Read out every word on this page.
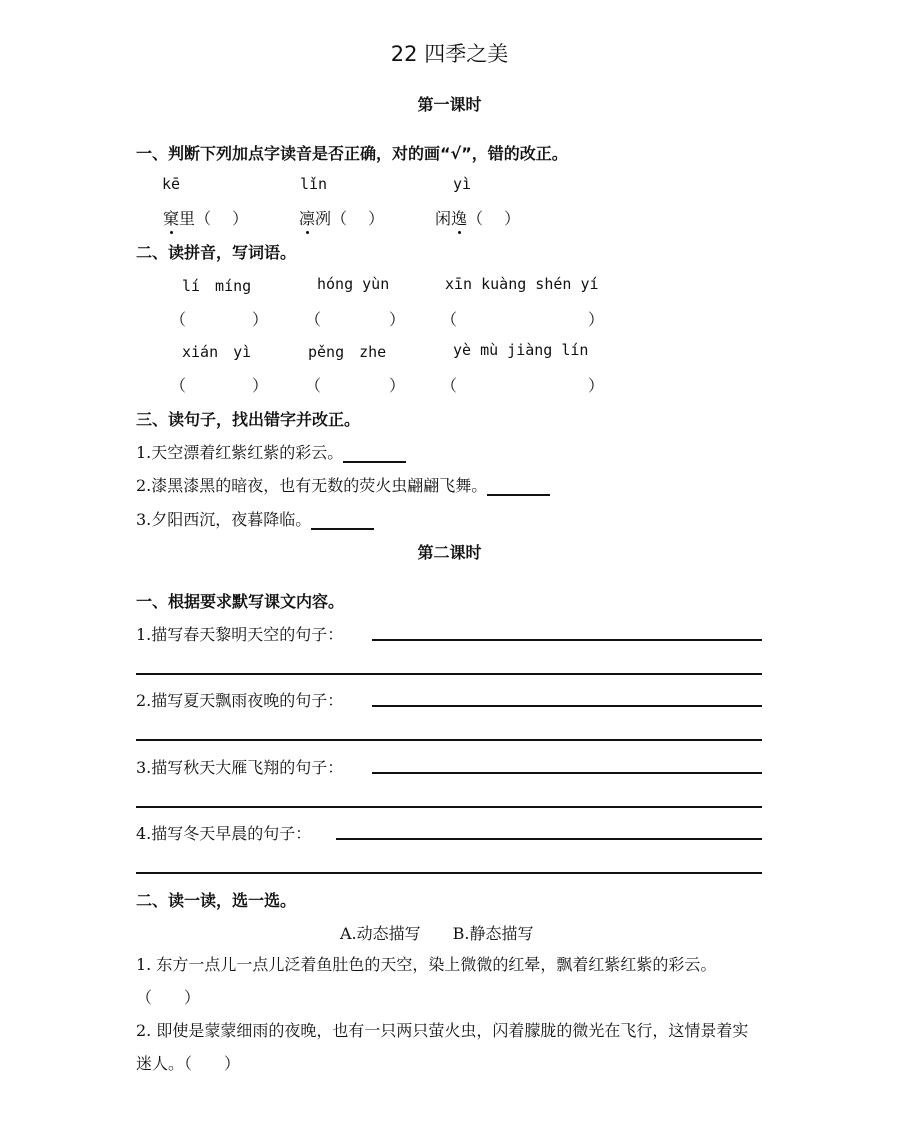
22 四季之美
第一课时
一、判断下列加点字读音是否正确，对的画“√”，错的改正。
kē	lǐn	yì
窠里（　 ）	凛冽（　 ）	闲逸（　 ）
二、读拼音，写词语。
lí　míng	hóng yùn	xīn kuàng shén yí
（	） （	） （	）
xián　yì	pěng　zhe	yè mù jiàng lín
（	） （	） （	）
三、读句子，找出错字并改正。
1.天空漂着红紫红紫的彩云。
2.漆黑漆黑的暗夜，也有无数的荧火虫翩翩飞舞。
3.夕阳西沉，夜暮降临。
第二课时
一、根据要求默写课文内容。
1.描写春天黎明天空的句子：
2.描写夏天飘雨夜晚的句子：
3.描写秋天大雁飞翔的句子：
4.描写冬天早晨的句子：
二、读一读，选一选。
A.动态描写　　B.静态描写
1. 东方一点儿一点儿泛着鱼肚色的天空，染上微微的红晕，飘着红紫红紫的彩云。（　　）
2. 即使是蒙蒙细雨的夜晚，也有一只两只萤火虫，闪着朦胧的微光在飞行，这情景着实迷人。（　　）
